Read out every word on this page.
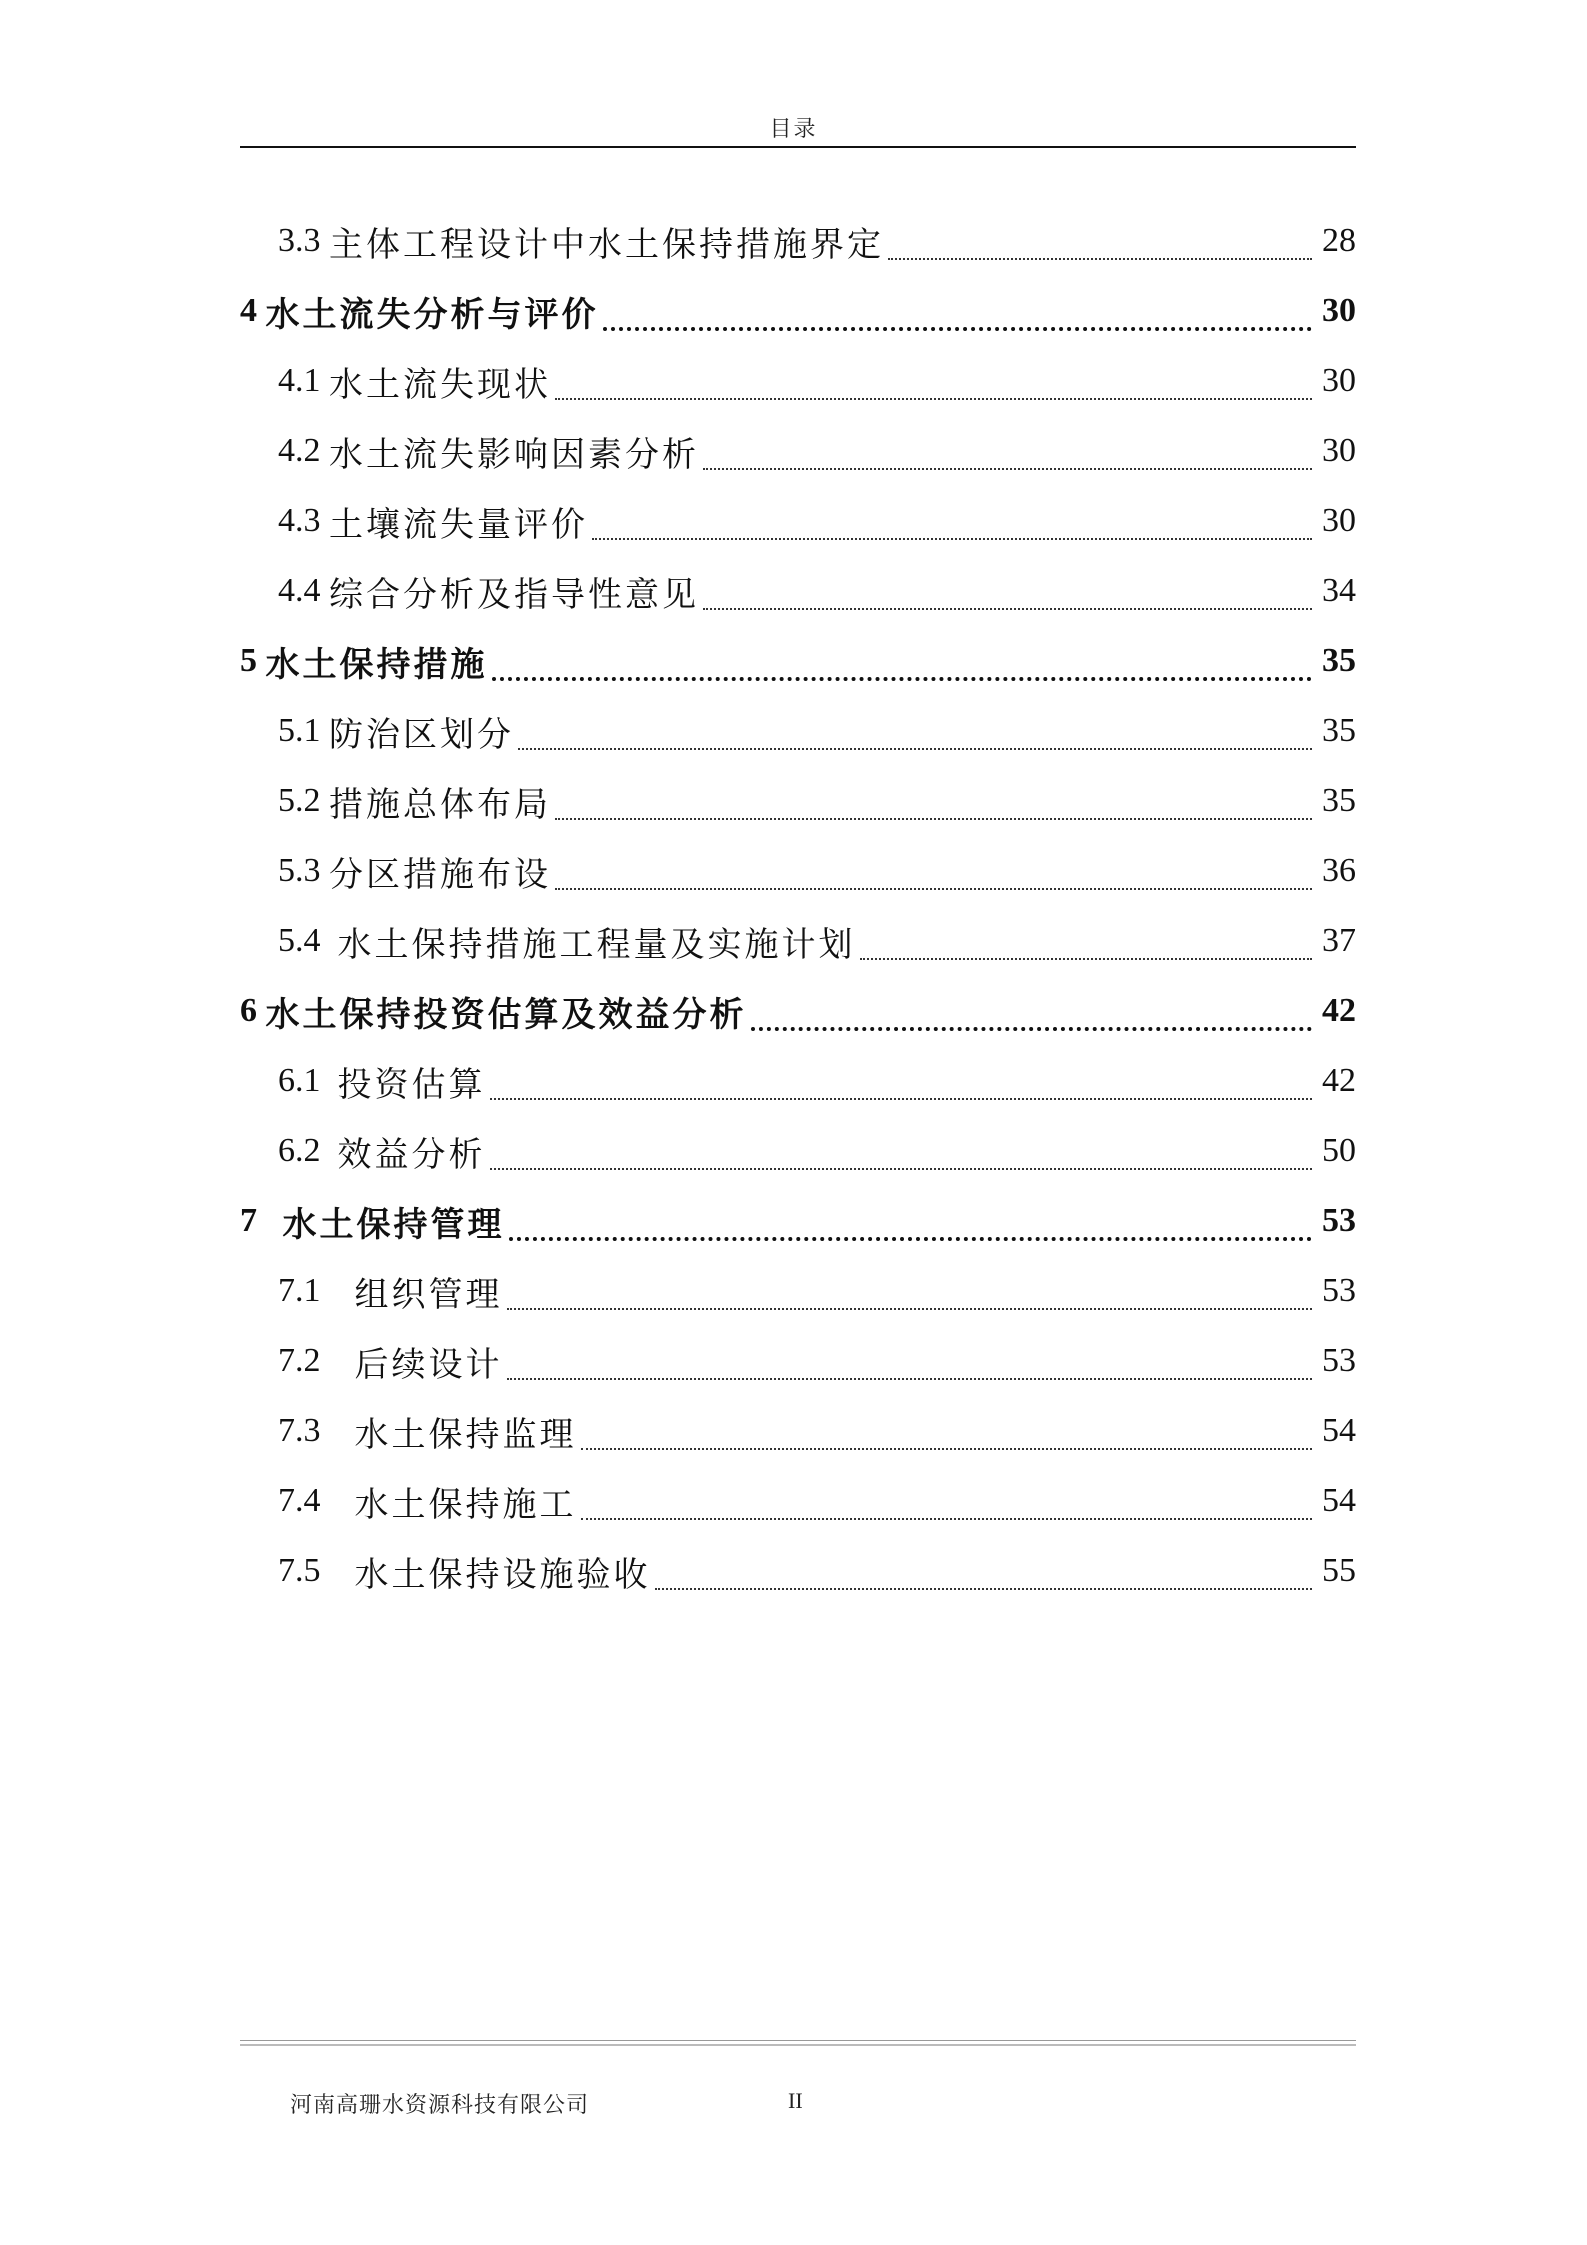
目录
3.3 主体工程设计中水土保持措施界定	28
4 水土流失分析与评价	30
4.1 水土流失现状	30
4.2 水土流失影响因素分析	30
4.3 土壤流失量评价	30
4.4 综合分析及指导性意见	34
5 水土保持措施	35
5.1 防治区划分	35
5.2 措施总体布局	35
5.3 分区措施布设	36
5.4 水土保持措施工程量及实施计划	37
6 水土保持投资估算及效益分析	42
6.1 投资估算	42
6.2 效益分析	50
7 水土保持管理	53
7.1 组织管理	53
7.2 后续设计	53
7.3 水土保持监理	54
7.4 水土保持施工	54
7.5 水土保持设施验收	55
河南高珊水资源科技有限公司	II
